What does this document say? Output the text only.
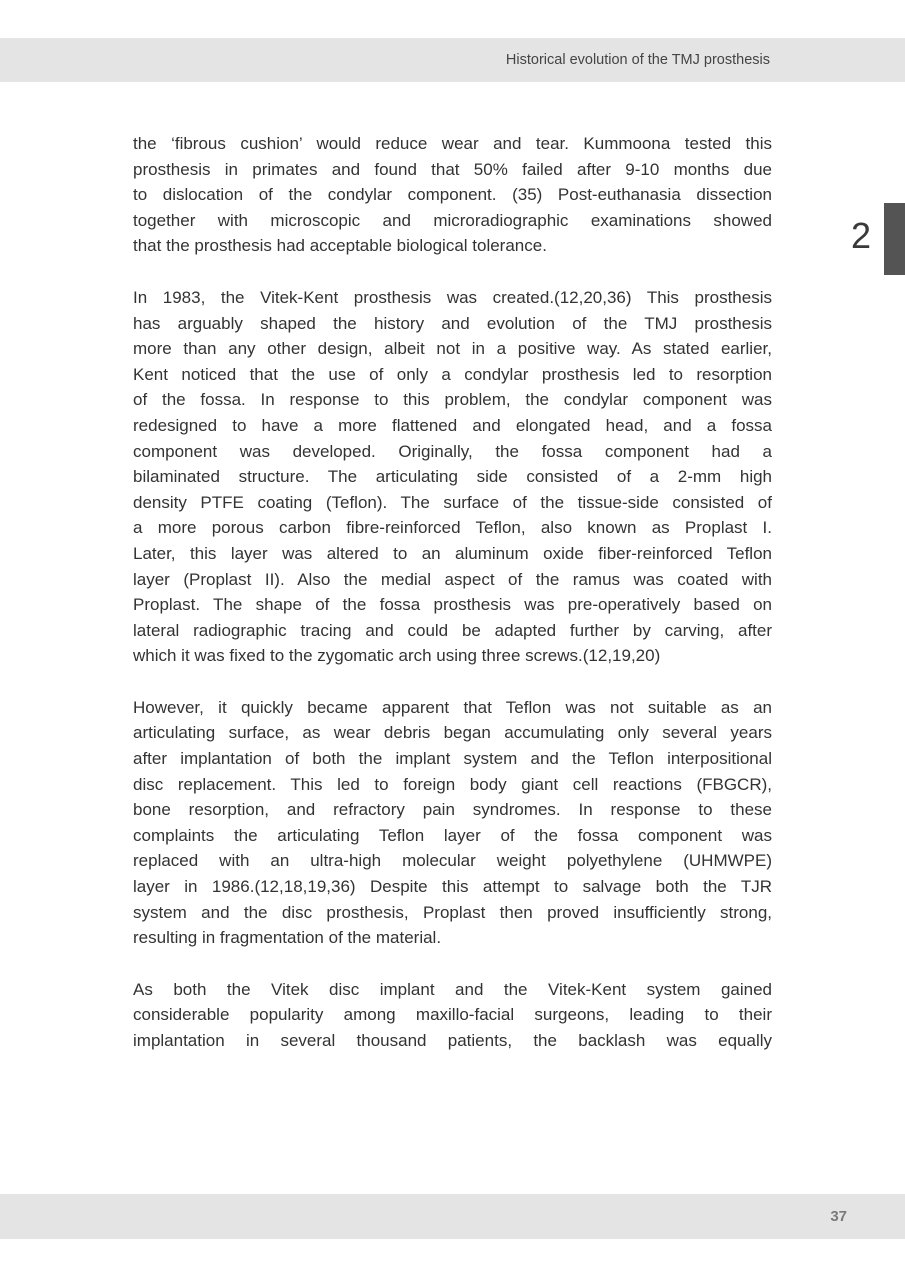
Historical evolution of the TMJ prosthesis
2

the ‘fibrous cushion’ would reduce wear and tear. Kummoona tested this
prosthesis in primates and found that 50% failed after 9-10 months due
to dislocation of the condylar component. (35) Post-euthanasia dissection
together with microscopic and microradiographic examinations showed
that the prosthesis had acceptable biological tolerance.

In 1983, the Vitek-Kent prosthesis was created.(12,20,36) This prosthesis
has arguably shaped the history and evolution of the TMJ prosthesis
more than any other design, albeit not in a positive way. As stated earlier,
Kent noticed that the use of only a condylar prosthesis led to resorption
of the fossa. In response to this problem, the condylar component was
redesigned to have a more flattened and elongated head, and a fossa
component was developed. Originally, the fossa component had a
bilaminated structure. The articulating side consisted of a 2-mm high
density PTFE coating (Teflon). The surface of the tissue-side consisted of
a more porous carbon fibre-reinforced Teflon, also known as Proplast I.
Later, this layer was altered to an aluminum oxide fiber-reinforced Teflon
layer (Proplast II). Also the medial aspect of the ramus was coated with
Proplast. The shape of the fossa prosthesis was pre-operatively based on
lateral radiographic tracing and could be adapted further by carving, after
which it was fixed to the zygomatic arch using three screws.(12,19,20)

However, it quickly became apparent that Teflon was not suitable as an
articulating surface, as wear debris began accumulating only several years
after implantation of both the implant system and the Teflon interpositional
disc replacement. This led to foreign body giant cell reactions (FBGCR),
bone resorption, and refractory pain syndromes. In response to these
complaints the articulating Teflon layer of the fossa component was
replaced with an ultra-high molecular weight polyethylene (UHMWPE)
layer in 1986.(12,18,19,36) Despite this attempt to salvage both the TJR
system and the disc prosthesis, Proplast then proved insufficiently strong,
resulting in fragmentation of the material.

As both the Vitek disc implant and the Vitek-Kent system gained
considerable popularity among maxillo-facial surgeons, leading to their
implantation in several thousand patients, the backlash was equally

37
